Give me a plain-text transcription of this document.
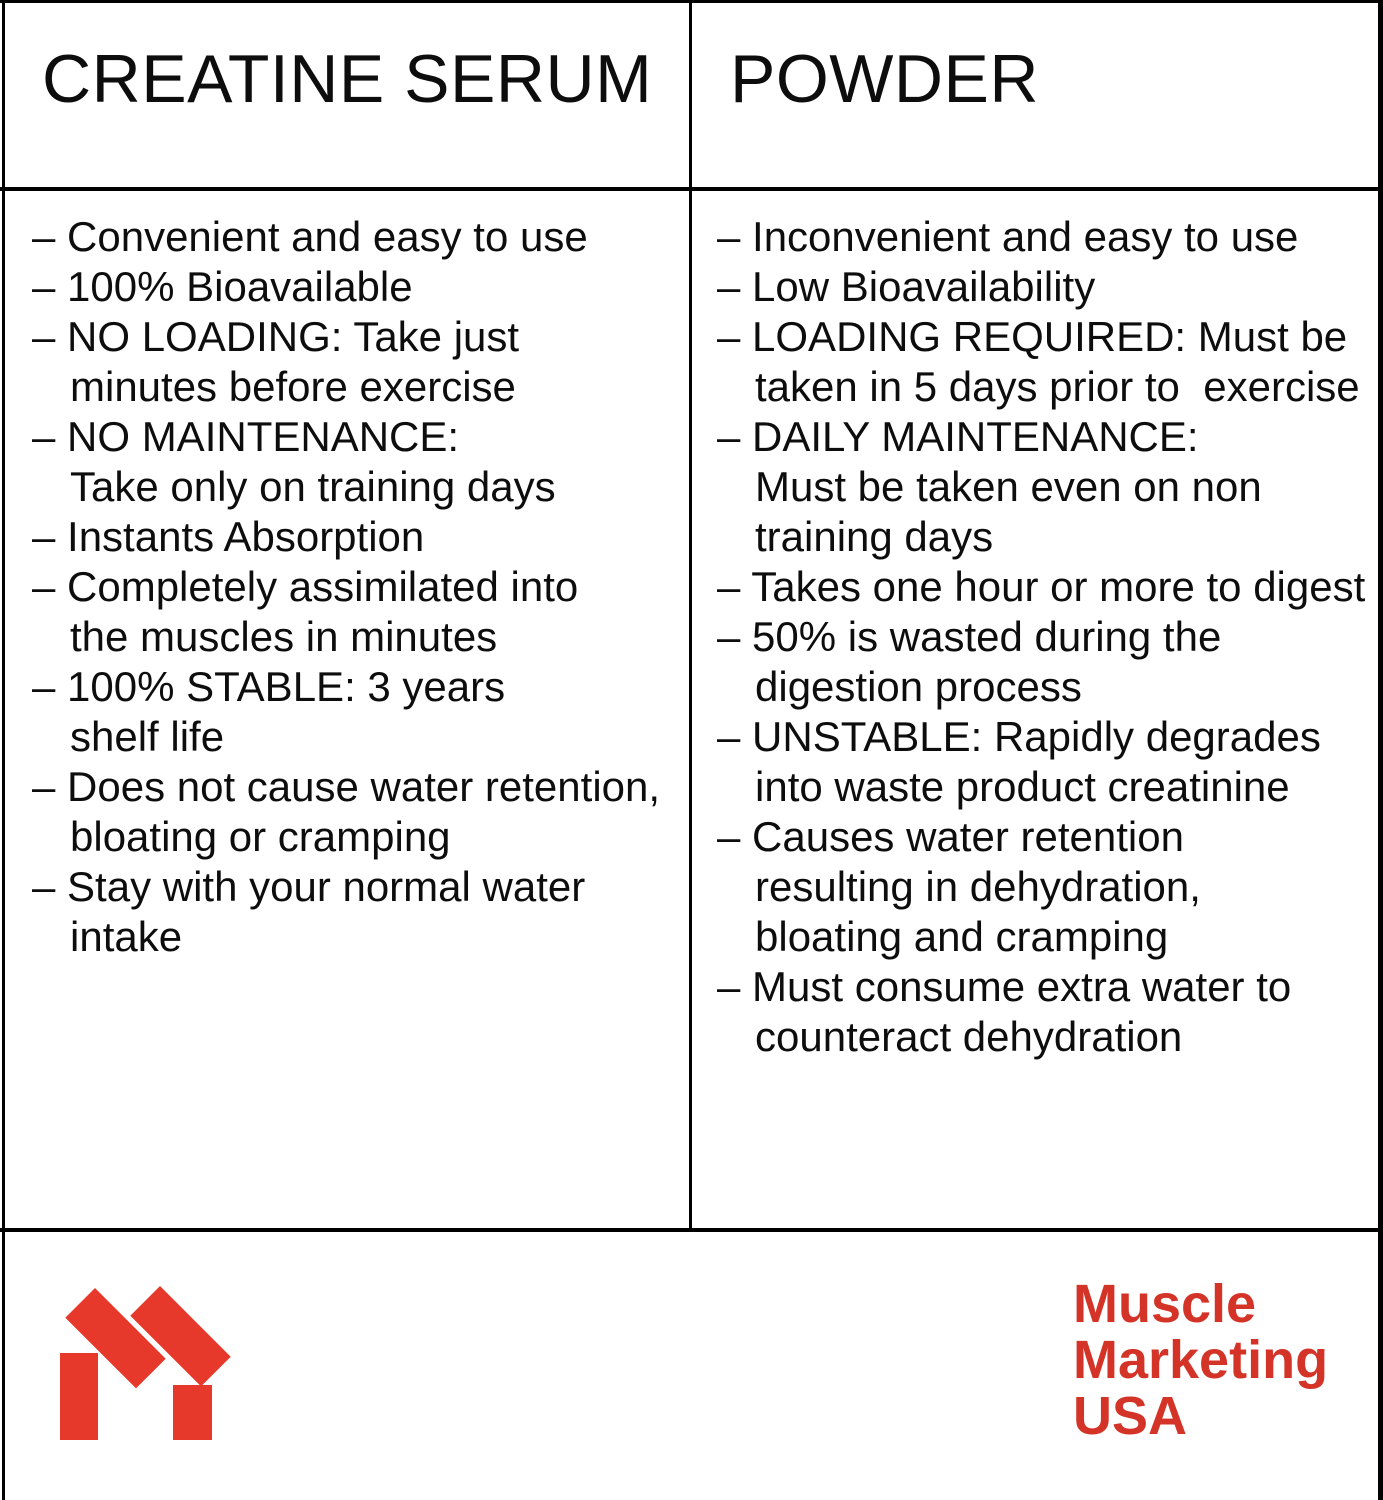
CREATINE SERUM POWDER
– Convenient and easy to use
– 100% Bioavailable
– NO LOADING: Take just
minutes before exercise
– NO MAINTENANCE:
Take only on training days
– Instants Absorption
– Completely assimilated into
the muscles in minutes
– 100% STABLE: 3 years
shelf life
– Does not cause water retention,
bloating or cramping
– Stay with your normal water
intake
– Inconvenient and easy to use
– Low Bioavailability
– LOADING REQUIRED: Must be
taken in 5 days prior to  exercise
– DAILY MAINTENANCE:
Must be taken even on non
training days
– Takes one hour or more to digest
– 50% is wasted during the
digestion process
– UNSTABLE: Rapidly degrades
into waste product creatinine
– Causes water retention
resulting in dehydration,
bloating and cramping
– Must consume extra water to
counteract dehydration
Muscle
Marketing
USA
